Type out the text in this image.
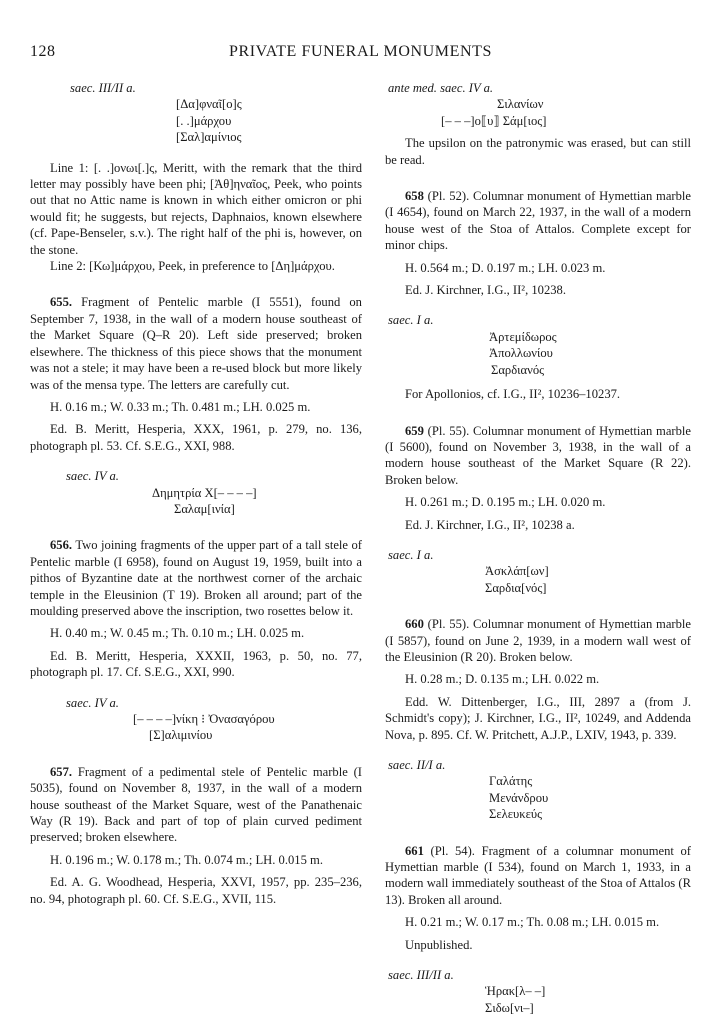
128	PRIVATE FUNERAL MONUMENTS

saec. III/II a.

[Δα]φναῖ[ο]ς
[. .]μάρχου
[Σαλ]αμίνιος

Line 1: [. .]ονωι[.]ς, Meritt, with the remark that the third letter may possibly have been phi; [Ἀθ]ηναῖος, Peek, who points out that no Attic name is known in which either omicron or phi would fit; he suggests, but rejects, Daphnaios, known elsewhere (cf. Pape-Benseler, s.v.). The right half of the phi is, however, on the stone.

Line 2: [Κω]μάρχου, Peek, in preference to [Δη]μάρχου.

655. Fragment of Pentelic marble (I 5551), found on September 7, 1938, in the wall of a modern house southeast of the Market Square (Q–R 20). Left side preserved; broken elsewhere. The thickness of this piece shows that the monument was not a stele; it may have been a re-used block but more likely was of the mensa type. The letters are carefully cut.

H. 0.16 m.; W. 0.33 m.; Th. 0.481 m.; LH. 0.025 m.

Ed. B. Meritt, Hesperia, XXX, 1961, p. 279, no. 136, photograph pl. 53. Cf. S.E.G., XXI, 988.

saec. IV a.

Δημητρία Χ[– – – –]
Σαλαμ[ινία]

656. Two joining fragments of the upper part of a tall stele of Pentelic marble (I 6958), found on August 19, 1959, built into a pithos of Byzantine date at the northwest corner of the archaic temple in the Eleusinion (T 19). Broken all around; part of the moulding preserved above the inscription, two rosettes below it.

H. 0.40 m.; W. 0.45 m.; Th. 0.10 m.; LH. 0.025 m.

Ed. B. Meritt, Hesperia, XXXII, 1963, p. 50, no. 77, photograph pl. 17. Cf. S.E.G., XXI, 990.

saec. IV a.

[– – – –]νίκη ⁝ Ὀνασαγόρου
[Σ]αλιμινίου

657. Fragment of a pedimental stele of Pentelic marble (I 5035), found on November 8, 1937, in the wall of a modern house southeast of the Market Square, west of the Panathenaic Way (R 19). Back and part of top of plain curved pediment preserved; broken elsewhere.

H. 0.196 m.; W. 0.178 m.; Th. 0.074 m.; LH. 0.015 m.

Ed. A. G. Woodhead, Hesperia, XXVI, 1957, pp. 235–236, no. 94, photograph pl. 60. Cf. S.E.G., XVII, 115.

ante med. saec. IV a.

Σιλανίων
[– – –]ο⟦υ⟧ Σάμ[ιος]

The upsilon on the patronymic was erased, but can still be read.

658 (Pl. 52). Columnar monument of Hymettian marble (I 4654), found on March 22, 1937, in the wall of a modern house west of the Stoa of Attalos. Complete except for minor chips.

H. 0.564 m.; D. 0.197 m.; LH. 0.023 m.

Ed. J. Kirchner, I.G., II², 10238.

saec. I a.

Ἀρτεμίδωρος
Ἀπολλωνίου
Σαρδιανός

For Apollonios, cf. I.G., II², 10236–10237.

659 (Pl. 55). Columnar monument of Hymettian marble (I 5600), found on November 3, 1938, in the wall of a modern house southeast of the Market Square (R 22). Broken below.

H. 0.261 m.; D. 0.195 m.; LH. 0.020 m.

Ed. J. Kirchner, I.G., II², 10238 a.

saec. I a.

Ἀσκλάπ[ων]
Σαρδια[νός]

660 (Pl. 55). Columnar monument of Hymettian marble (I 5857), found on June 2, 1939, in a modern wall west of the Eleusinion (R 20). Broken below.

H. 0.28 m.; D. 0.135 m.; LH. 0.022 m.

Edd. W. Dittenberger, I.G., III, 2897 a (from J. Schmidt's copy); J. Kirchner, I.G., II², 10249, and Addenda Nova, p. 895. Cf. W. Pritchett, A.J.P., LXIV, 1943, p. 339.

saec. II/I a.

Γαλάτης
Μενάνδρου
Σελευκεύς

661 (Pl. 54). Fragment of a columnar monument of Hymettian marble (I 534), found on March 1, 1933, in a modern wall immediately southeast of the Stoa of Attalos (R 13). Broken all around.

H. 0.21 m.; W. 0.17 m.; Th. 0.08 m.; LH. 0.015 m.

Unpublished.

saec. III/II a.

Ἡρακ[λ– –]
Σιδω[νι–]
